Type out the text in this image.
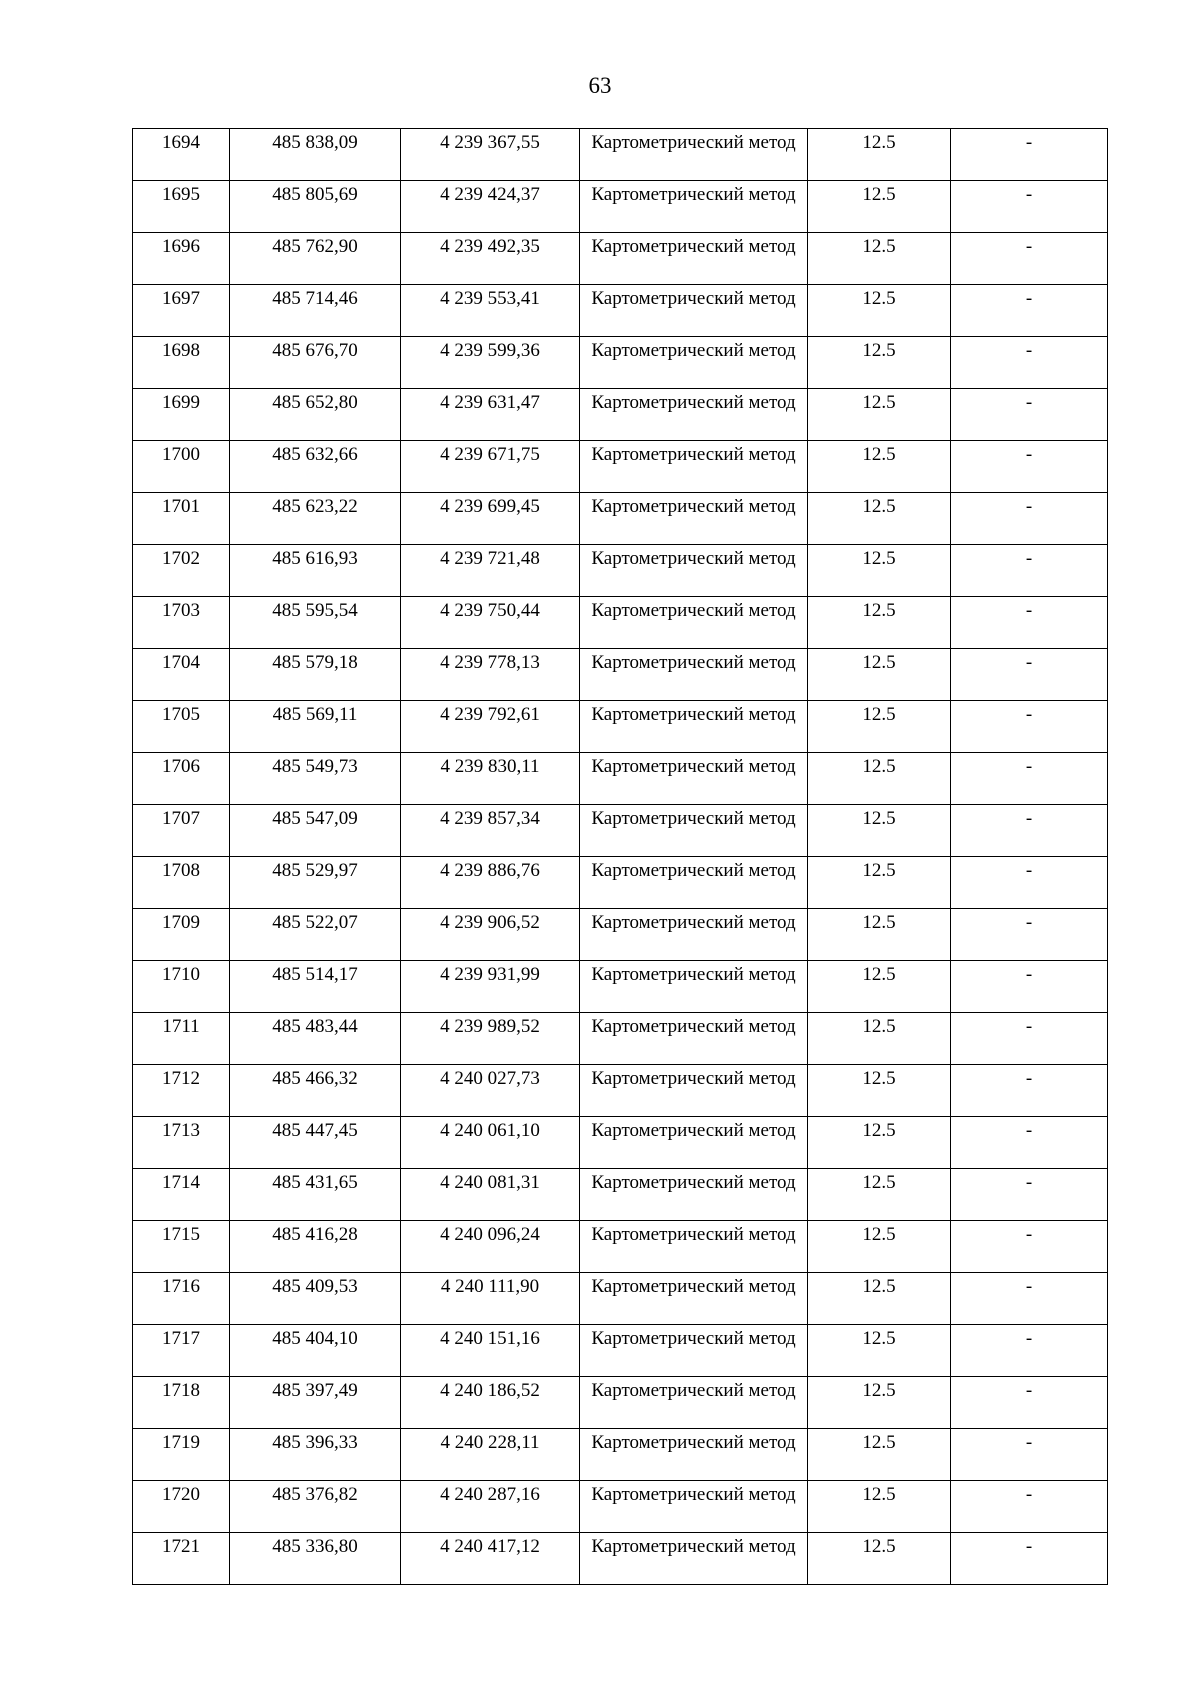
63
1694	485 838,09	4 239 367,55	Картометрический метод	12.5	-
1695	485 805,69	4 239 424,37	Картометрический метод	12.5	-
1696	485 762,90	4 239 492,35	Картометрический метод	12.5	-
1697	485 714,46	4 239 553,41	Картометрический метод	12.5	-
1698	485 676,70	4 239 599,36	Картометрический метод	12.5	-
1699	485 652,80	4 239 631,47	Картометрический метод	12.5	-
1700	485 632,66	4 239 671,75	Картометрический метод	12.5	-
1701	485 623,22	4 239 699,45	Картометрический метод	12.5	-
1702	485 616,93	4 239 721,48	Картометрический метод	12.5	-
1703	485 595,54	4 239 750,44	Картометрический метод	12.5	-
1704	485 579,18	4 239 778,13	Картометрический метод	12.5	-
1705	485 569,11	4 239 792,61	Картометрический метод	12.5	-
1706	485 549,73	4 239 830,11	Картометрический метод	12.5	-
1707	485 547,09	4 239 857,34	Картометрический метод	12.5	-
1708	485 529,97	4 239 886,76	Картометрический метод	12.5	-
1709	485 522,07	4 239 906,52	Картометрический метод	12.5	-
1710	485 514,17	4 239 931,99	Картометрический метод	12.5	-
1711	485 483,44	4 239 989,52	Картометрический метод	12.5	-
1712	485 466,32	4 240 027,73	Картометрический метод	12.5	-
1713	485 447,45	4 240 061,10	Картометрический метод	12.5	-
1714	485 431,65	4 240 081,31	Картометрический метод	12.5	-
1715	485 416,28	4 240 096,24	Картометрический метод	12.5	-
1716	485 409,53	4 240 111,90	Картометрический метод	12.5	-
1717	485 404,10	4 240 151,16	Картометрический метод	12.5	-
1718	485 397,49	4 240 186,52	Картометрический метод	12.5	-
1719	485 396,33	4 240 228,11	Картометрический метод	12.5	-
1720	485 376,82	4 240 287,16	Картометрический метод	12.5	-
1721	485 336,80	4 240 417,12	Картометрический метод	12.5	-
